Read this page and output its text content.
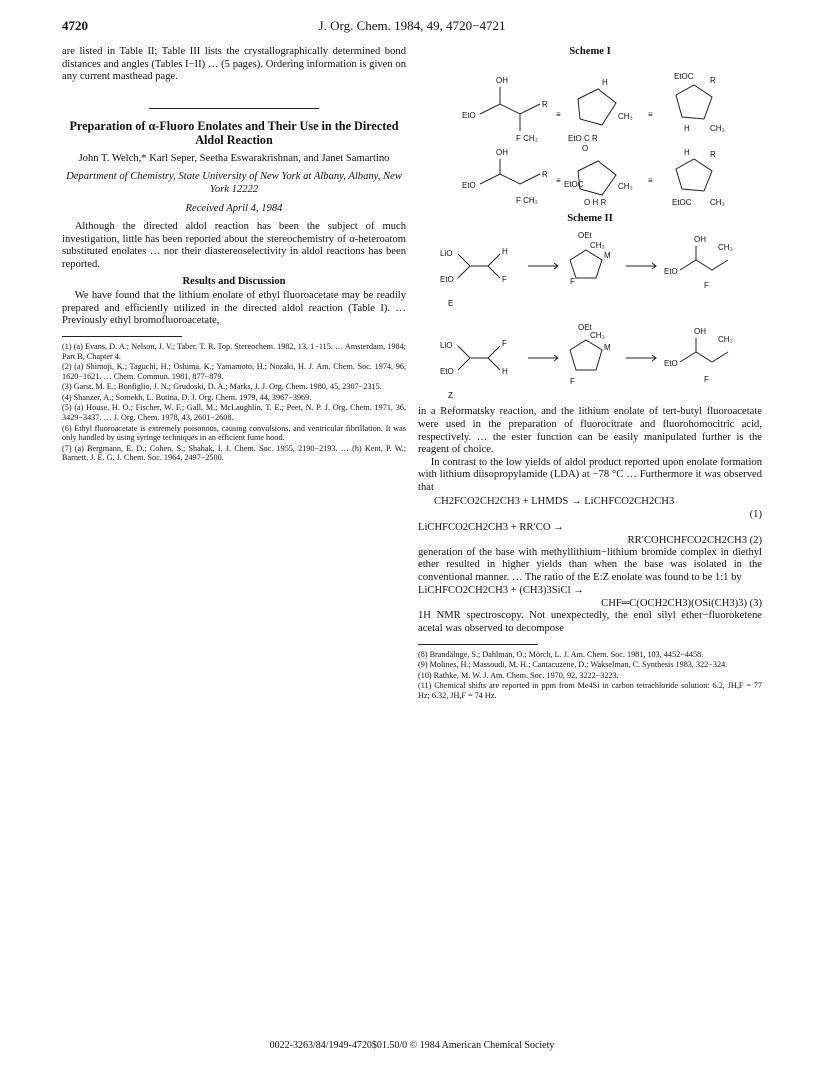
4720	J. Org. Chem. 1984, 49, 4720−4721

are listed in Table II; Table III lists the crystallographically determined bond distances and angles (Tables I−II) … (5 pages). Ordering information is given on any current masthead page.

Preparation of α-Fluoro Enolates and Their Use in the Directed Aldol Reaction

John T. Welch,* Karl Seper, Seetha Eswarakrishnan, and Janet Samartino

Department of Chemistry, State University of New York at Albany, Albany, New York 12222

Received April 4, 1984

Although the directed aldol reaction has been the subject of much investigation, little has been reported about the stereochemistry of α-heteroatom substituted enolates … nor their diastereoselectivity in aldol reactions has been reported.

Results and Discussion

We have found that the lithium enolate of ethyl fluoroacetate may be readily prepared and efficiently utilized in the directed aldol reaction (Table I). … Previously ethyl bromofluoroacetate,

(1) (a) Evans, D. A.; Nelson, J. V.; Taber, T. R. Top. Stereochem. 1982, 13, 1−115. … Amsterdam, 1984; Part B, Chapter 4.

(2) (a) Shimoji, K.; Taguchi, H.; Oshima, K.; Yamamoto, H.; Nozaki, H. J. Am. Chem. Soc. 1974, 96, 1620−1621. … Chem. Commun. 1981, 877−879.

(3) Garst, M. E.; Bonfiglio, J. N.; Grudoski, D. A.; Marks, J. J. Org. Chem. 1980, 45, 2307−2315.

(4) Shanzer, A.; Somekh, L. Butina, D. J. Org. Chem. 1979, 44, 3967−3969.

(5) (a) House, H. O.; Fischer, W. F.; Gall, M.; McLaughlin, T. E.; Peet, N. P. J. Org. Chem. 1971, 36, 3429−3437. … J. Org. Chem. 1978, 43, 2601−2608.

(6) Ethyl fluoroacetate is extremely poisonous, causing convulsions, and ventricular fibrillation. It was only handled by using syringe techniques in an efficient fume hood.

(7) (a) Bergmann, E. D.; Cohen, S.; Shahak, I. J. Chem. Soc. 1955, 2190−2193. … (h) Kent, P. W.; Barnett, J. E. G. J. Chem. Soc. 1964, 2497−2500.

Scheme I

EtO
OH
R
F CH₃
≡	≡
H
CH₃
EtO C R
O
EtOC R
H	CH₃
EtO
OH
R
F CH₃
≡	≡
EtOC	CH₃
O H R
H	R
EtOC CH₃

Scheme II

LiO
EtO
H
F
OEt
CH₃
M
F
EtO
OH
CH₃
F
LiO
EtO
F
H
OEt
CH₃
M
F
EtO
OH
CH₃
F
E
Z

in a Reformatsky reaction, and the lithium enolate of tert-butyl fluoroacetate were used in the preparation of fluorocitrate and fluorohomocitric acid, respectively. … the ester function can be easily manipulated further is the reagent of choice.

In contrast to the low yields of aldol product reported upon enolate formation with lithium diisopropylamide (LDA) at −78 °C … Furthermore it was observed that

CH2FCO2CH2CH3 + LHMDS → LiCHFCO2CH2CH3

(1)

LiCHFCO2CH2CH3 + RR′CO →

RR′COHCHFCO2CH2CH3 (2)

generation of the base with methyllithium−lithium bromide complex in diethyl ether resulted in higher yields than when the base was isolated in the conventional manner. … The ratio of the E:Z enolate was found to be 1:1 by

LiCHFCO2CH2CH3 + (CH3)3SiCl →

CHF═C(OCH2CH3)(OSi(CH3)3) (3)

1H NMR spectroscopy. Not unexpectedly, the enol silyl ether−fluoroketene acetal was observed to decompose

(8) Brandälnge, S.; Dahlman, O.; Mörch, L. J. Am. Chem. Soc. 1981, 103, 4452−4458.

(9) Molines, H.; Massoudi, M. H.; Cantacuzene, D.; Wakselman, C. Synthesis 1983, 322−324.

(10) Rathke, M. W. J. Am. Chem. Soc. 1970, 92, 3222−3223.

(11) Chemical shifts are reported in ppm from Me4Si in carbon tetrachloride solution: 6.2, JH,F = 77 Hz; 6.32, JH,F = 74 Hz.

0022-3263/84/1949-4720$01.50/0 © 1984 American Chemical Society
